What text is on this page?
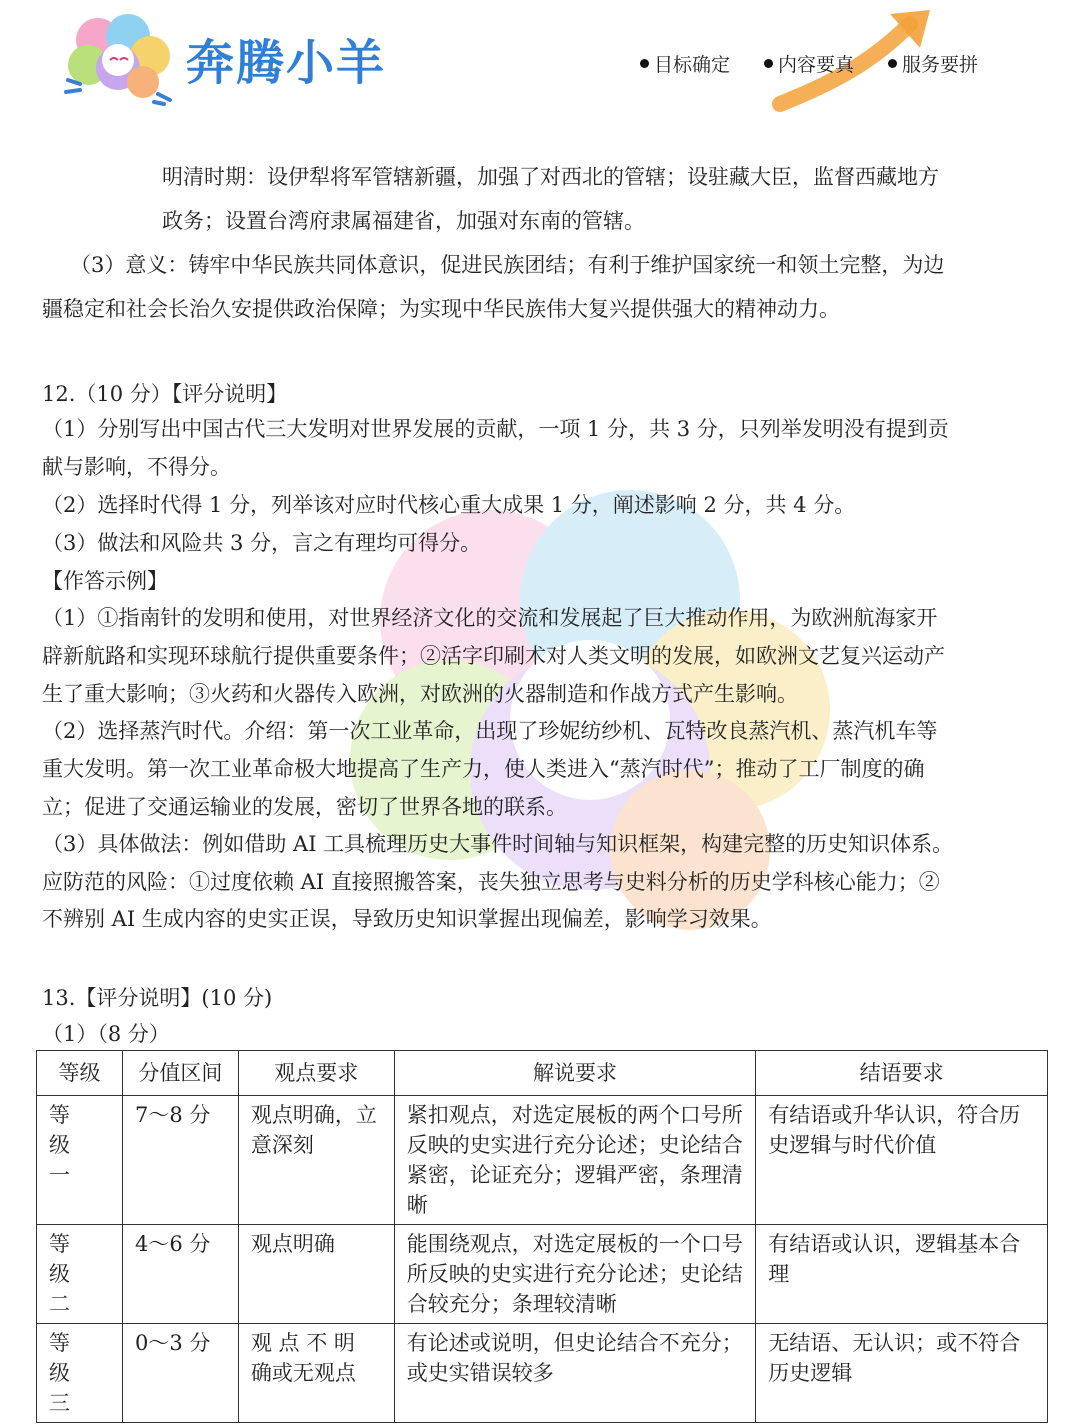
奔腾小羊	目标确定	内容要真	服务要拼
明清时期：设伊犁将军管辖新疆，加强了对西北的管辖；设驻藏大臣，监督西藏地方
政务；设置台湾府隶属福建省，加强对东南的管辖。
（3）意义：铸牢中华民族共同体意识，促进民族团结；有利于维护国家统一和领土完整，为边
疆稳定和社会长治久安提供政治保障；为实现中华民族伟大复兴提供强大的精神动力。
12.（10 分）【评分说明】
（1）分别写出中国古代三大发明对世界发展的贡献，一项 1 分，共 3 分，只列举发明没有提到贡
献与影响，不得分。
（2）选择时代得 1 分，列举该对应时代核心重大成果 1 分，阐述影响 2 分，共 4 分。
（3）做法和风险共 3 分，言之有理均可得分。
【作答示例】
（1）①指南针的发明和使用，对世界经济文化的交流和发展起了巨大推动作用，为欧洲航海家开
辟新航路和实现环球航行提供重要条件；②活字印刷术对人类文明的发展，如欧洲文艺复兴运动产
生了重大影响；③火药和火器传入欧洲，对欧洲的火器制造和作战方式产生影响。
（2）选择蒸汽时代。介绍：第一次工业革命，出现了珍妮纺纱机、瓦特改良蒸汽机、蒸汽机车等
重大发明。第一次工业革命极大地提高了生产力，使人类进入“蒸汽时代”；推动了工厂制度的确
立；促进了交通运输业的发展，密切了世界各地的联系。
（3）具体做法：例如借助 AI 工具梳理历史大事件时间轴与知识框架，构建完整的历史知识体系。
应防范的风险：①过度依赖 AI 直接照搬答案，丧失独立思考与史料分析的历史学科核心能力；②
不辨别 AI 生成内容的史实正误，导致历史知识掌握出现偏差，影响学习效果。
13.【评分说明】(10 分)
（1）（8 分）
等级	分值区间	观点要求	解说要求	结语要求
等 级 一	7～8 分	观点明确，立意深刻	紧扣观点，对选定展板的两个口号所反映的史实进行充分论述；史论结合紧密，论证充分；逻辑严密，条理清晰	有结语或升华认识，符合历史逻辑与时代价值
等 级 二	4～6 分	观点明确	能围绕观点，对选定展板的一个口号所反映的史实进行充分论述；史论结合较充分；条理较清晰	有结语或认识，逻辑基本合理
等 级 三	0～3 分	观 点 不 明 确或无观点	有论述或说明，但史论结合不充分；或史实错误较多	无结语、无认识；或不符合历史逻辑
